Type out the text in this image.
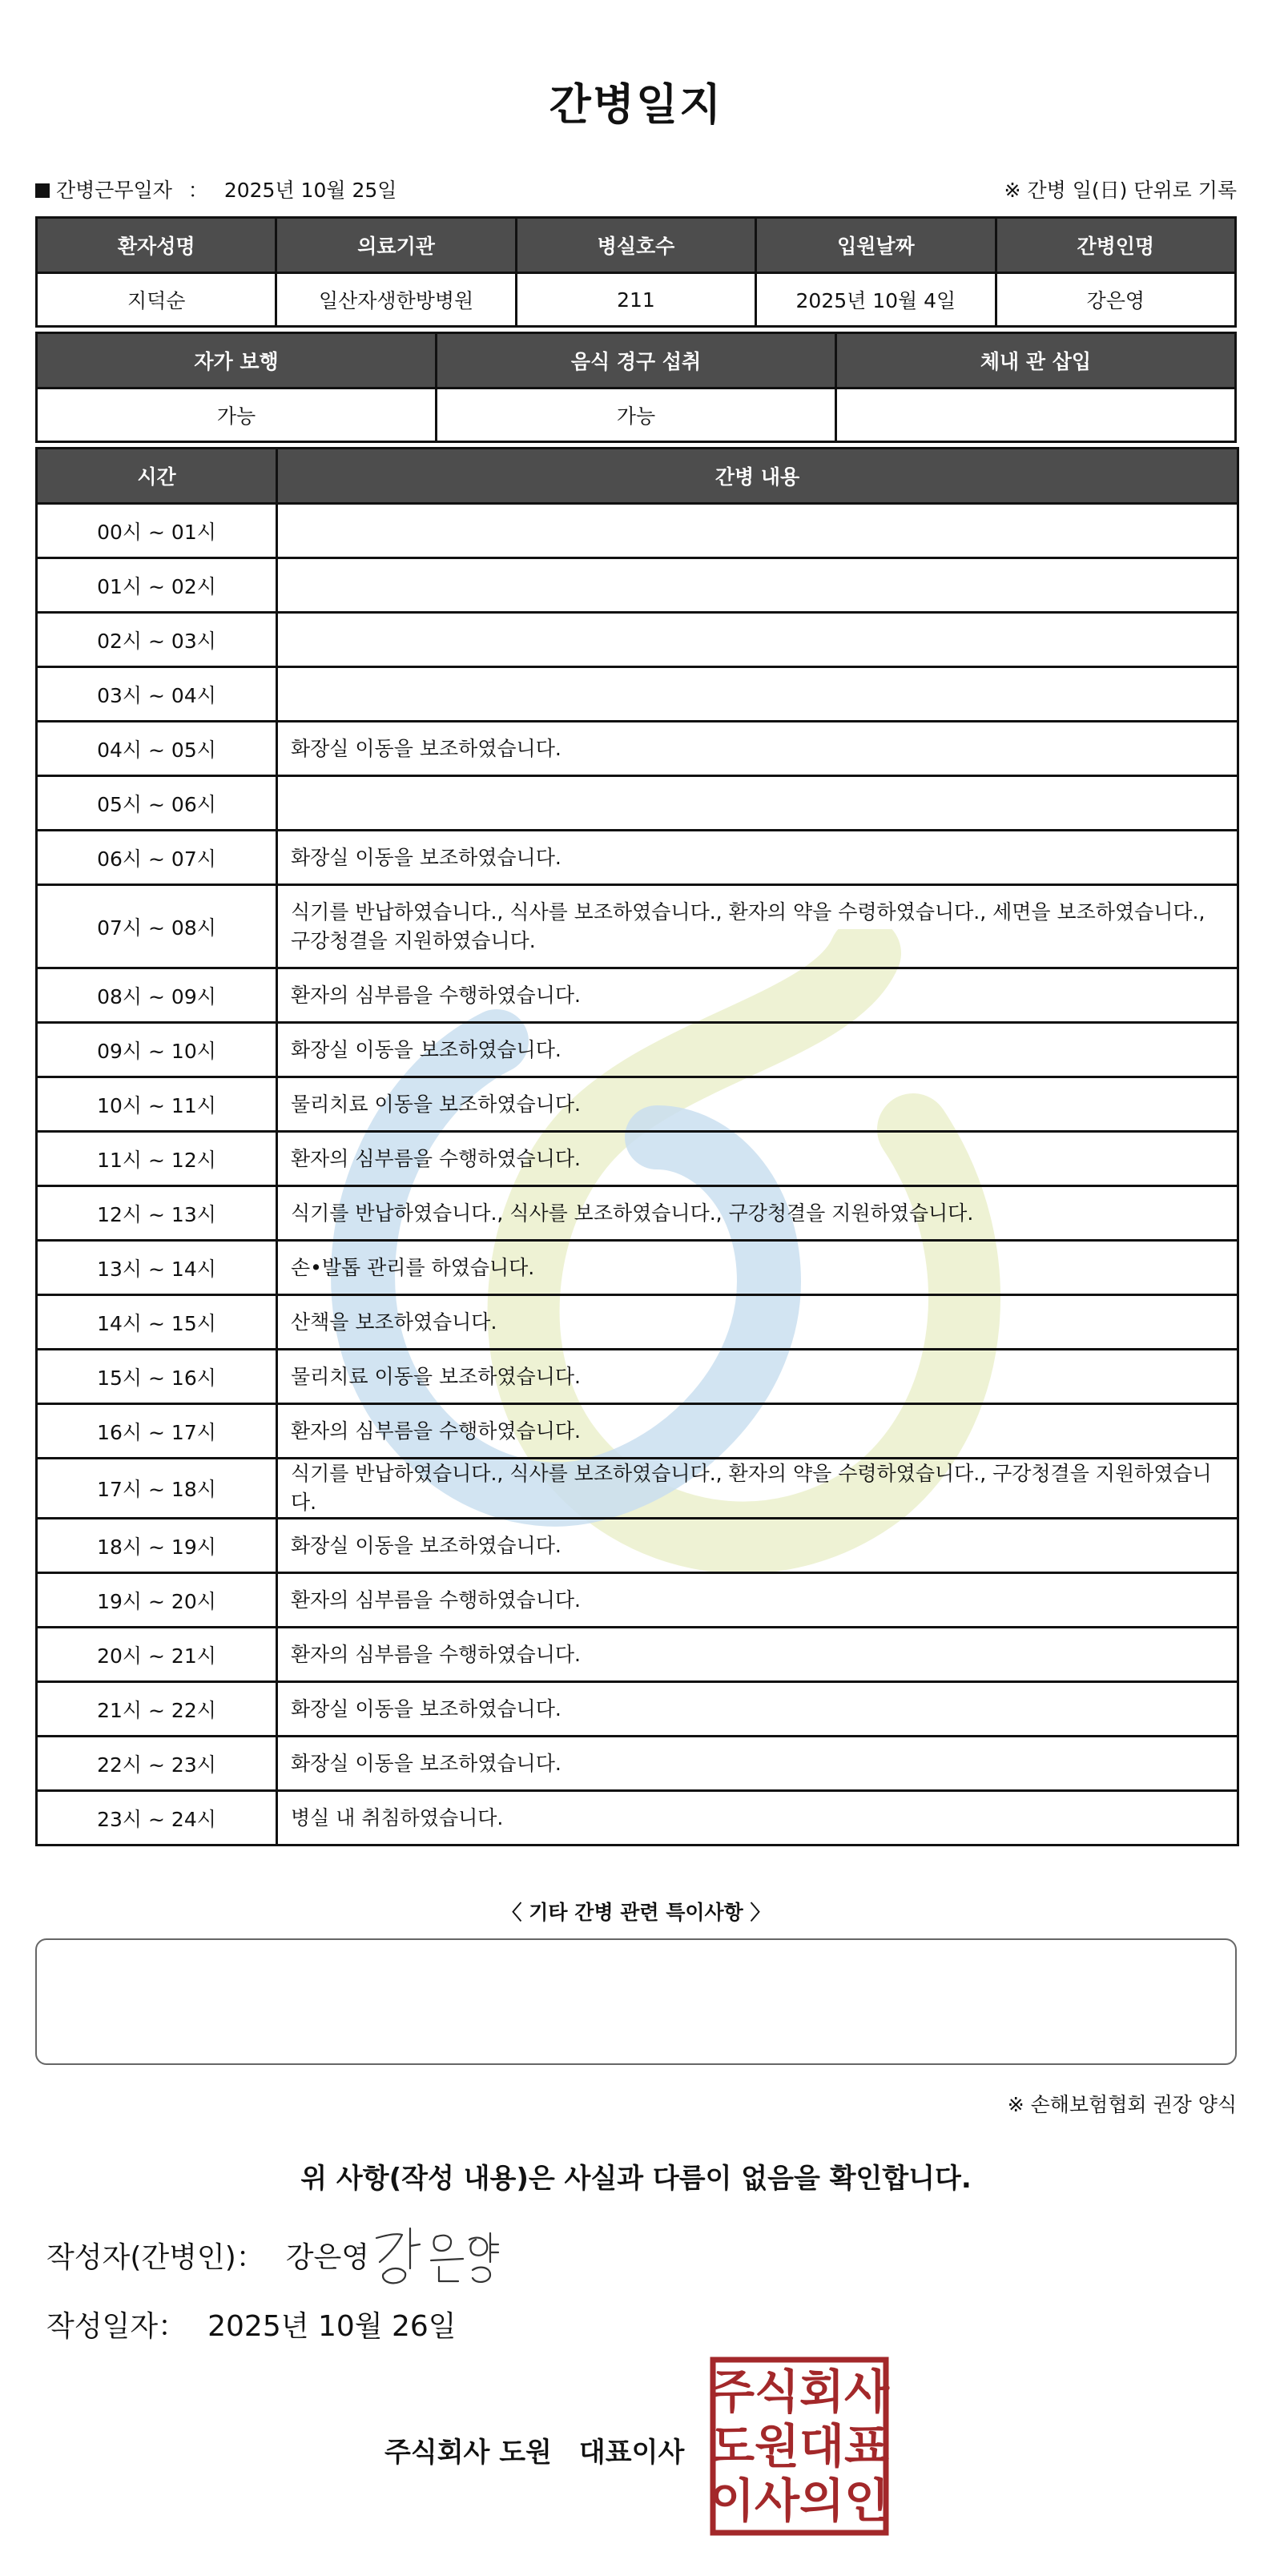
간병일지
간병근무일자 ： 2025년 10월 25일	※ 간병 일(日) 단위로 기록
환자성명	의료기관	병실호수	입원날짜	간병인명
지덕순	일산자생한방병원	211	2025년 10월 4일	강은영
자가 보행	음식 경구 섭취	체내 관 삽입
가능	가능	
시간	간병 내용
00시 ~ 01시	
01시 ~ 02시	
02시 ~ 03시	
03시 ~ 04시	
04시 ~ 05시	화장실 이동을 보조하였습니다.
05시 ~ 06시	
06시 ~ 07시	화장실 이동을 보조하였습니다.
07시 ~ 08시	식기를 반납하였습니다., 식사를 보조하였습니다., 환자의 약을 수령하였습니다., 세면을 보조하였습니다., 구강청결을 지원하였습니다.
08시 ~ 09시	환자의 심부름을 수행하였습니다.
09시 ~ 10시	화장실 이동을 보조하였습니다.
10시 ~ 11시	물리치료 이동을 보조하였습니다.
11시 ~ 12시	환자의 심부름을 수행하였습니다.
12시 ~ 13시	식기를 반납하였습니다., 식사를 보조하였습니다., 구강청결을 지원하였습니다.
13시 ~ 14시	손•발톱 관리를 하였습니다.
14시 ~ 15시	산책을 보조하였습니다.
15시 ~ 16시	물리치료 이동을 보조하였습니다.
16시 ~ 17시	환자의 심부름을 수행하였습니다.
17시 ~ 18시	식기를 반납하였습니다., 식사를 보조하였습니다., 환자의 약을 수령하였습니다., 구강청결을 지원하였습니다.
18시 ~ 19시	화장실 이동을 보조하였습니다.
19시 ~ 20시	환자의 심부름을 수행하였습니다.
20시 ~ 21시	환자의 심부름을 수행하였습니다.
21시 ~ 22시	화장실 이동을 보조하였습니다.
22시 ~ 23시	화장실 이동을 보조하였습니다.
23시 ~ 24시	병실 내 취침하였습니다.
〈 기타 간병 관련 특이사항 〉
※ 손해보험협회 권장 양식
위 사항(작성 내용)은 사실과 다름이 없음을 확인합니다.
작성자(간병인)： 강은영
작성일자： 2025년 10월 26일
주식회사 도원 대표이사
주 식 회 사
도 원 대 표
이 사 의 인
